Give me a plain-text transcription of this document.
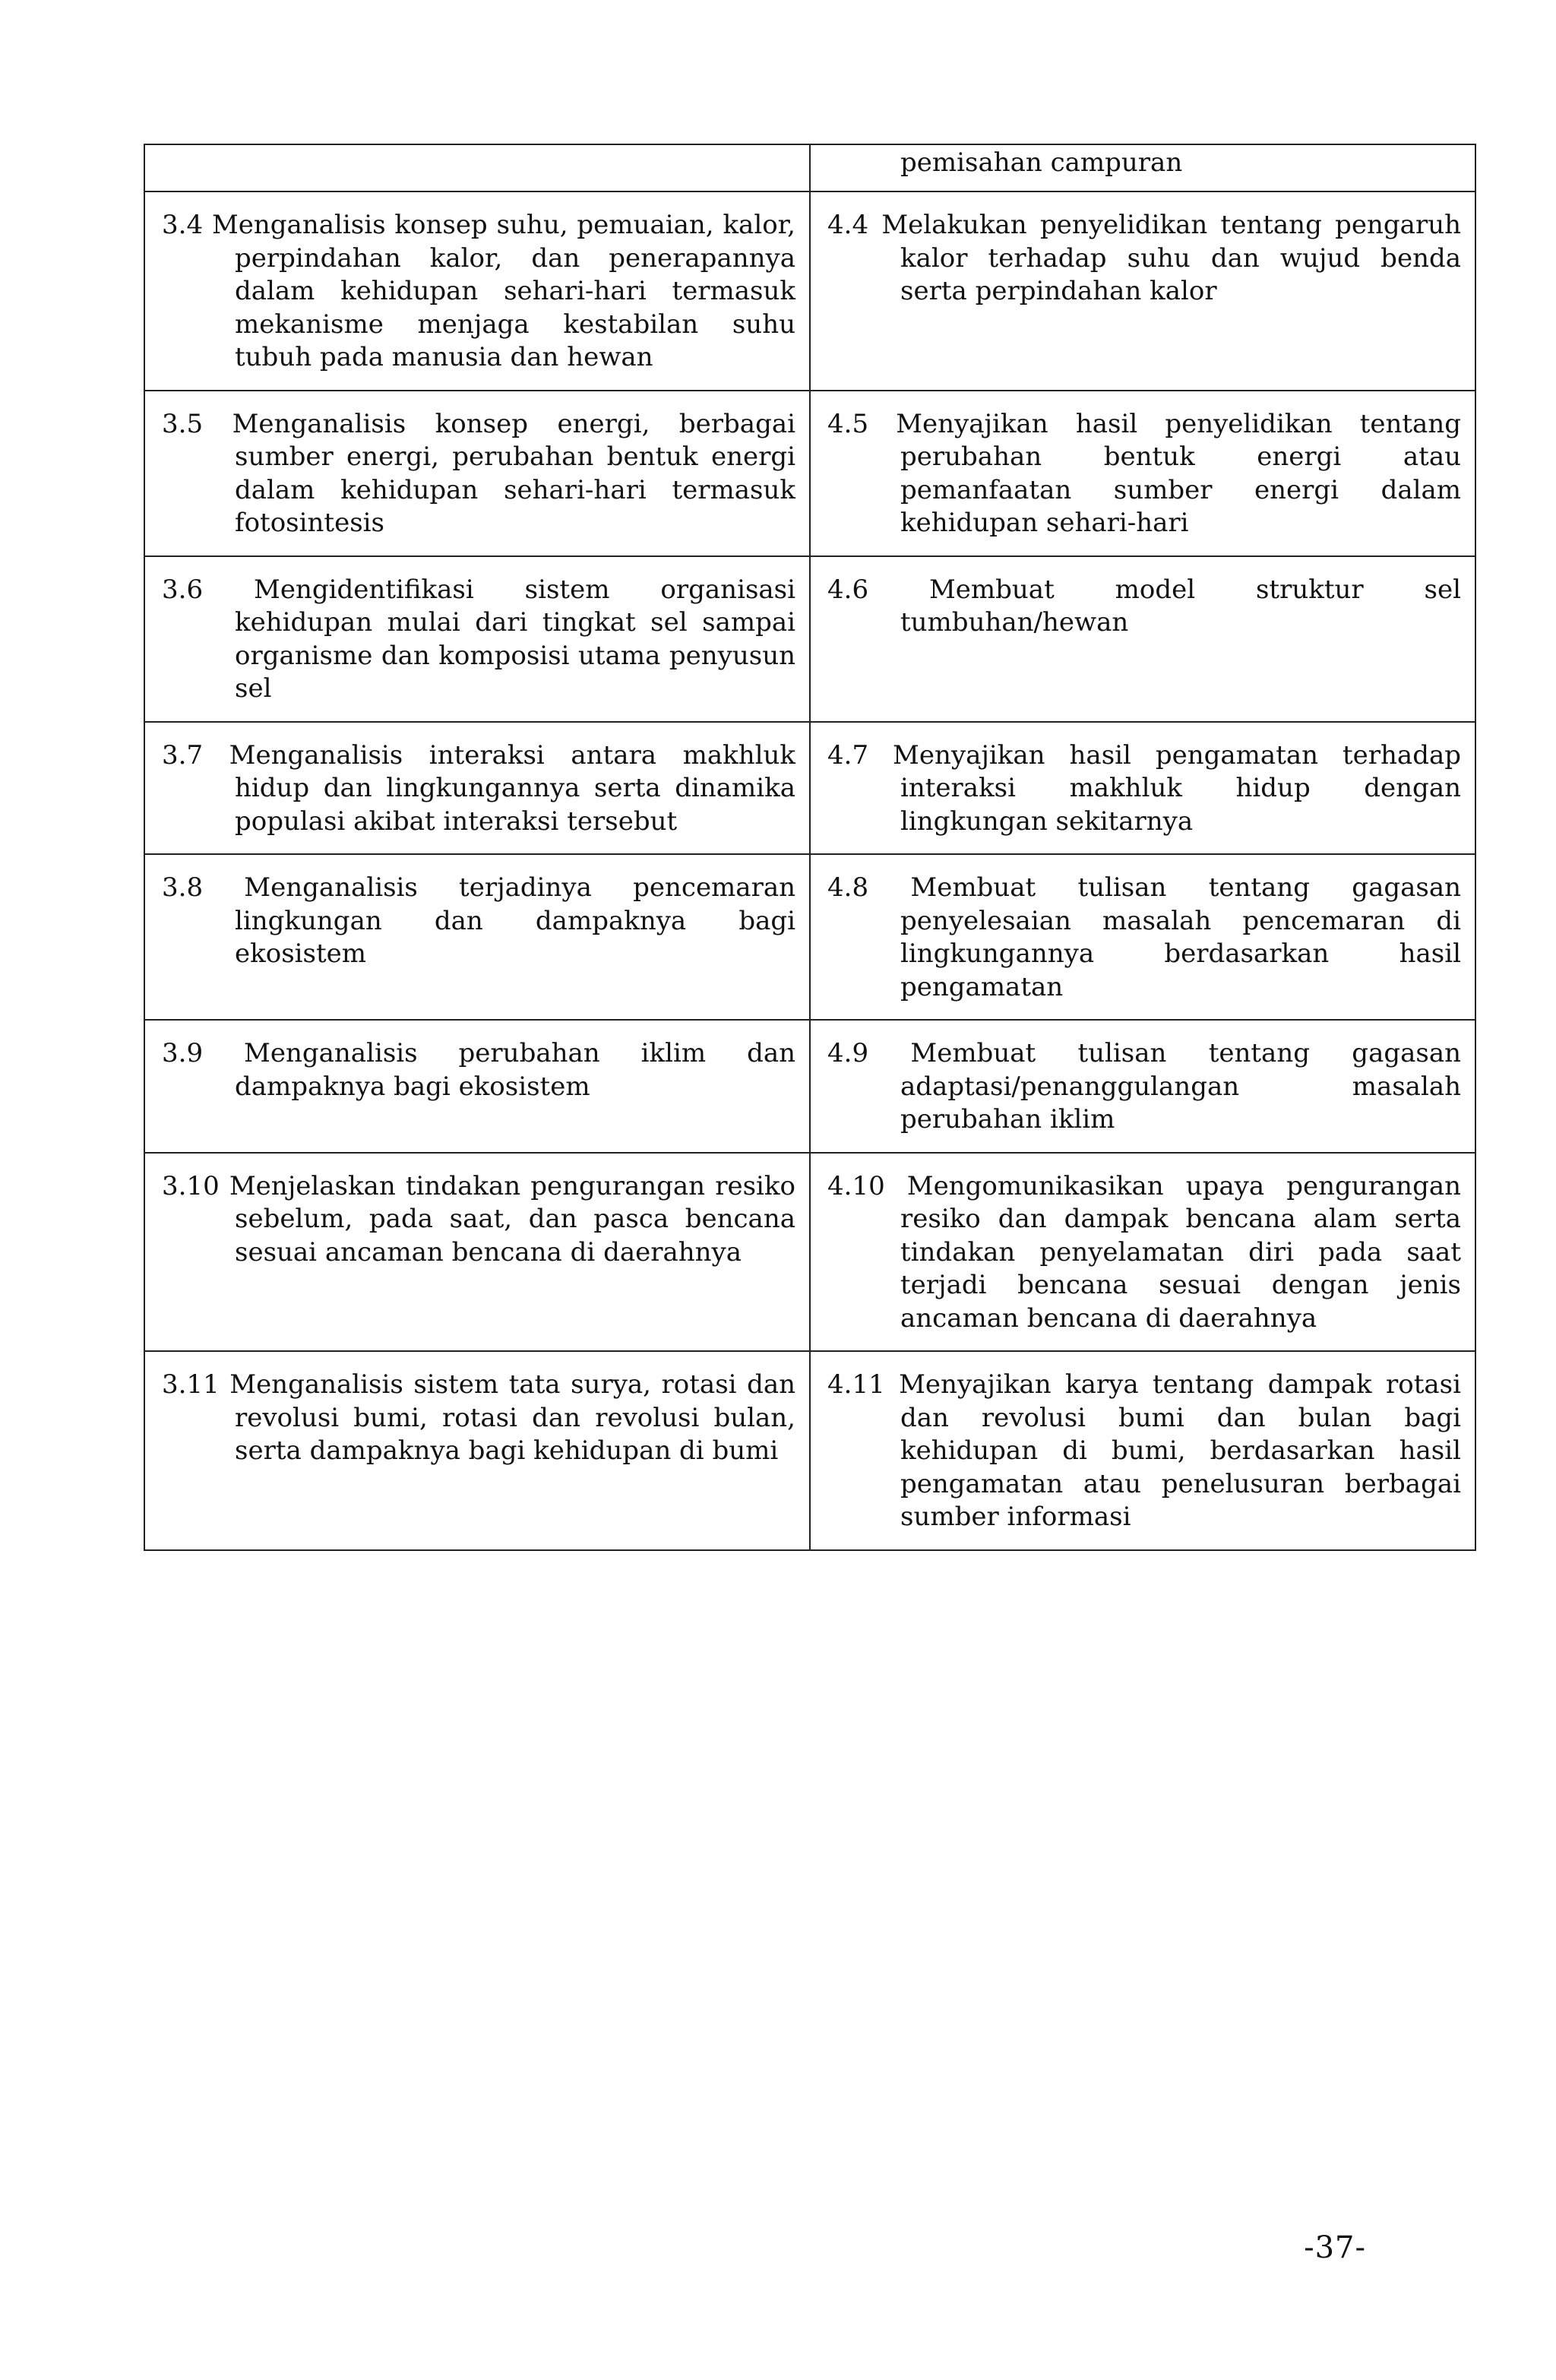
	pemisahan campuran

3.4 Menganalisis konsep suhu, pemuaian, kalor, perpindahan kalor, dan penerapannya dalam kehidupan sehari-hari termasuk mekanisme menjaga kestabilan suhu tubuh pada manusia dan hewan	4.4 Melakukan penyelidikan tentang pengaruh kalor terhadap suhu dan wujud benda serta perpindahan kalor

3.5 Menganalisis konsep energi, berbagai sumber energi, perubahan bentuk energi dalam kehidupan sehari-hari termasuk fotosintesis	4.5 Menyajikan hasil penyelidikan tentang perubahan bentuk energi atau pemanfaatan sumber energi dalam kehidupan sehari-hari

3.6 Mengidentifikasi sistem organisasi kehidupan mulai dari tingkat sel sampai organisme dan komposisi utama penyusun sel	4.6 Membuat model struktur sel tumbuhan/hewan

3.7 Menganalisis interaksi antara makhluk hidup dan lingkungannya serta dinamika populasi akibat interaksi tersebut	4.7 Menyajikan hasil pengamatan terhadap interaksi makhluk hidup dengan lingkungan sekitarnya

3.8 Menganalisis terjadinya pencemaran lingkungan dan dampaknya bagi ekosistem	4.8 Membuat tulisan tentang gagasan penyelesaian masalah pencemaran di lingkungannya berdasarkan hasil pengamatan

3.9 Menganalisis perubahan iklim dan dampaknya bagi ekosistem	4.9 Membuat tulisan tentang gagasan adaptasi/penanggulangan masalah perubahan iklim

3.10 Menjelaskan tindakan pengurangan resiko sebelum, pada saat, dan pasca bencana sesuai ancaman bencana di daerahnya	4.10 Mengomunikasikan upaya pengurangan resiko dan dampak bencana alam serta tindakan penyelamatan diri pada saat terjadi bencana sesuai dengan jenis ancaman bencana di daerahnya

3.11 Menganalisis sistem tata surya, rotasi dan revolusi bumi, rotasi dan revolusi bulan, serta dampaknya bagi kehidupan di bumi	4.11 Menyajikan karya tentang dampak rotasi dan revolusi bumi dan bulan bagi kehidupan di bumi, berdasarkan hasil pengamatan atau penelusuran berbagai sumber informasi
-37-
